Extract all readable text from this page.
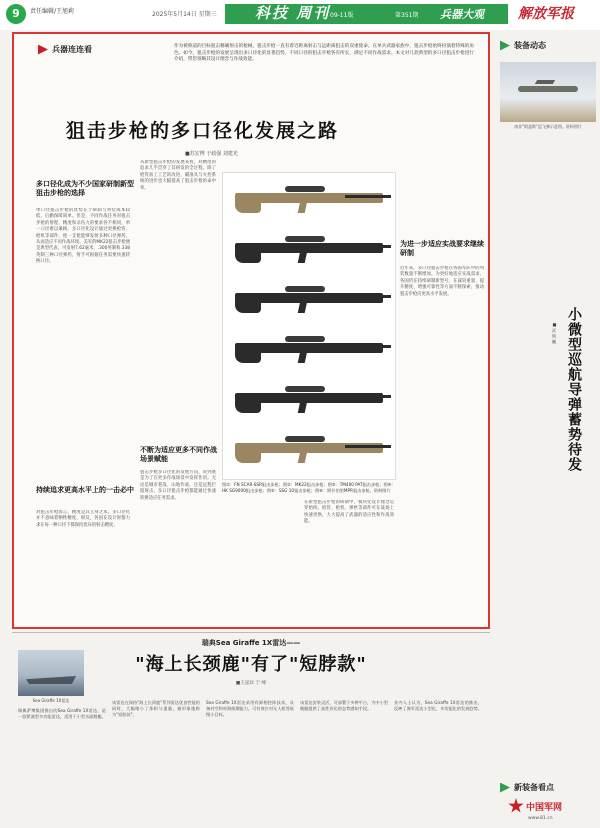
9	责任编辑/王旭莉	2025年5月14日 星期三	科技 周刊 09-11版	第351期 兵器大观 解放军报
兵器连连看	作为被称道的目标狙击精确射击的枪械，狙击步枪一直有着近距离射击与远距离狙击的双重使命。在单兵武器家族中，狙击步枪始终扮演着特殊的角色。如今，狙击步枪的发展呈现出多口径化的显著趋势，不同口径的狙击步枪各有所长，满足不同作战需求。本文对几款典型的多口径狙击步枪进行介绍，带您领略其设计理念与作战效能。
狙击步枪的多口径化发展之路
■苏宏博 于政强 刘建光
多口径化成为不少国家研制新型狙击步枪的选择
单口径狙击步枪的优势在于研制与列装成本较低，后勤保障简单。但是，不同作战任务对狙击步枪的射程、精度和杀伤力的要求各不相同，单一口径难以兼顾。多口径化设计通过更换枪管、枪机等部件，使一支枪能够发射多种口径弹药，从而适应不同作战环境。美军的MK22狙击步枪便是典型代表，可发射7.62毫米、.300英制和.338英制三种口径弹药，射手可根据任务需要快速转换口径。
持续追求更高水平上的一击必中
对狙击步枪而言，精度是其立身之本。多口径化并不意味着牺牲精度，相反，各国在设计时都力求在每一种口径下都保持优异的射击精度。
从新型狙击步枪的发展来看，对精度的追求几乎贯穿了其研发的全过程。除了枪管加工工艺的改进，瞄准具与火控系统的进步也大幅提高了狙击步枪的命中率。
不断为适应更多不同作战场景赋能
狙击步枪多口径化的发展方向，说到底是为了在更多作战场景中发挥作用。无论是城市巷战、山地作战，还是远程拦阻射击，多口径狙击步枪都能通过快速转换适应任务需求。
图①：FN SCAR-SSR狙击步枪；图②：MK22狙击步枪；图③：TM400 PAT狙击步枪；图④：HK SG9000狙击步枪；图⑤：SSG 10狙击步枪；图⑥：阿什伯里MPR狙击步枪。资料图片
在新型狙击步枪的研制中，模块化设计理念贯穿始终。枪管、枪机、弹匣等部件可在战场上快速更换，大大提高了武器的适应性和作战效能。
为进一步适应实战要求继续研制
近年来，多口径狙击步枪在各国军队中的列装数量不断增加。为更好地适应实战需求，各国仍在持续研制新型号，在减轻重量、提升精度、增强可靠性等方面不断探索，推动狙击步枪向更高水平发展。
装备动态
南非"阿盖斯"巡飞弹示意图。资料图片
小微型巡航导弹蓄势待发
■ 武 琰 巍
新装备看点
瑞典Sea Giraffe 1X雷达——
"海上长颈鹿"有了"短脖款"
■王泓烊 于 峰
Sea Giraffe 1X雷达
瑞典萨博集团推出的Sea Giraffe 1X雷达，是一款紧凑型多功能雷达，适用于小型水面舰艇。
该雷达在保持"海上长颈鹿"系列雷达优良性能的同时，大幅缩小了体积与重量，被形象地称为"短脖款"。
Sea Giraffe 1X雷达采用有源相控阵技术，具备对空和对海探测能力，可有效应对无人机等低慢小目标。
该雷达安装灵活，可部署于多种平台，为中小型舰艇提供了高性价比的态势感知手段。
业内人士认为，Sea Giraffe 1X雷达的推出，反映了海军雷达小型化、多功能化的发展趋势。
中国军网
www.81.cn
